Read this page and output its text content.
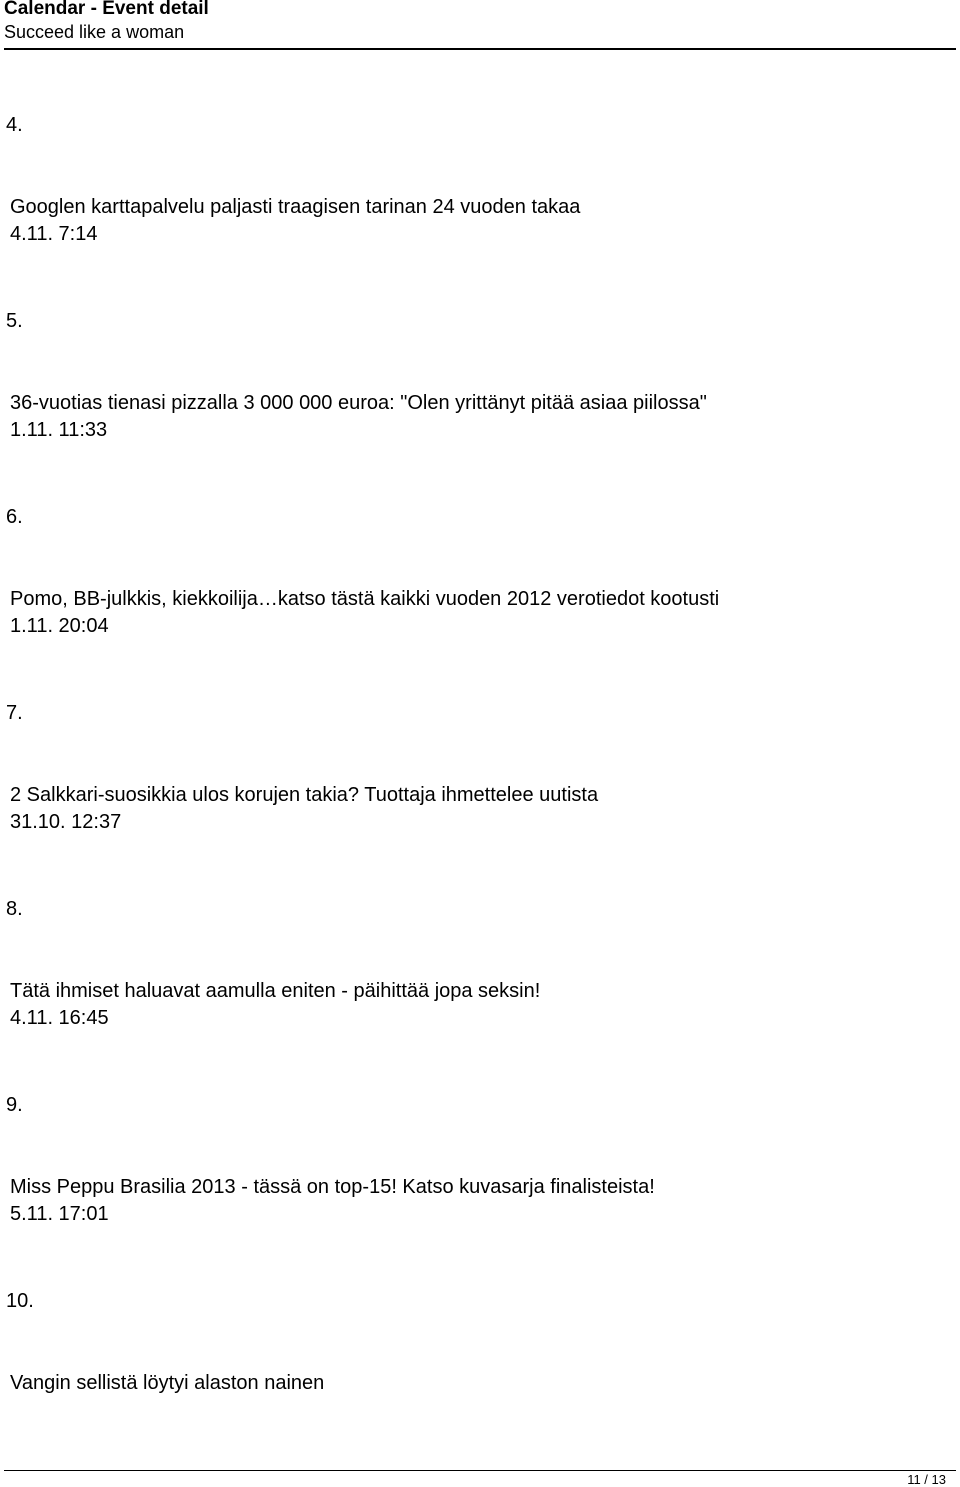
Calendar - Event detail
Succeed like a woman
4.
Googlen karttapalvelu paljasti traagisen tarinan 24 vuoden takaa
4.11. 7:14
5.
36-vuotias tienasi pizzalla 3 000 000 euroa: "Olen yrittänyt pitää asiaa piilossa"
1.11. 11:33
6.
Pomo, BB-julkkis, kiekkoilija…katso tästä kaikki vuoden 2012 verotiedot kootusti
1.11. 20:04
7.
2 Salkkari-suosikkia ulos korujen takia? Tuottaja ihmettelee uutista
31.10. 12:37
8.
Tätä ihmiset haluavat aamulla eniten - päihittää jopa seksin!
4.11. 16:45
9.
Miss Peppu Brasilia 2013 - tässä on top-15! Katso kuvasarja finalisteista!
5.11. 17:01
10.
Vangin sellistä löytyi alaston nainen
11 / 13
